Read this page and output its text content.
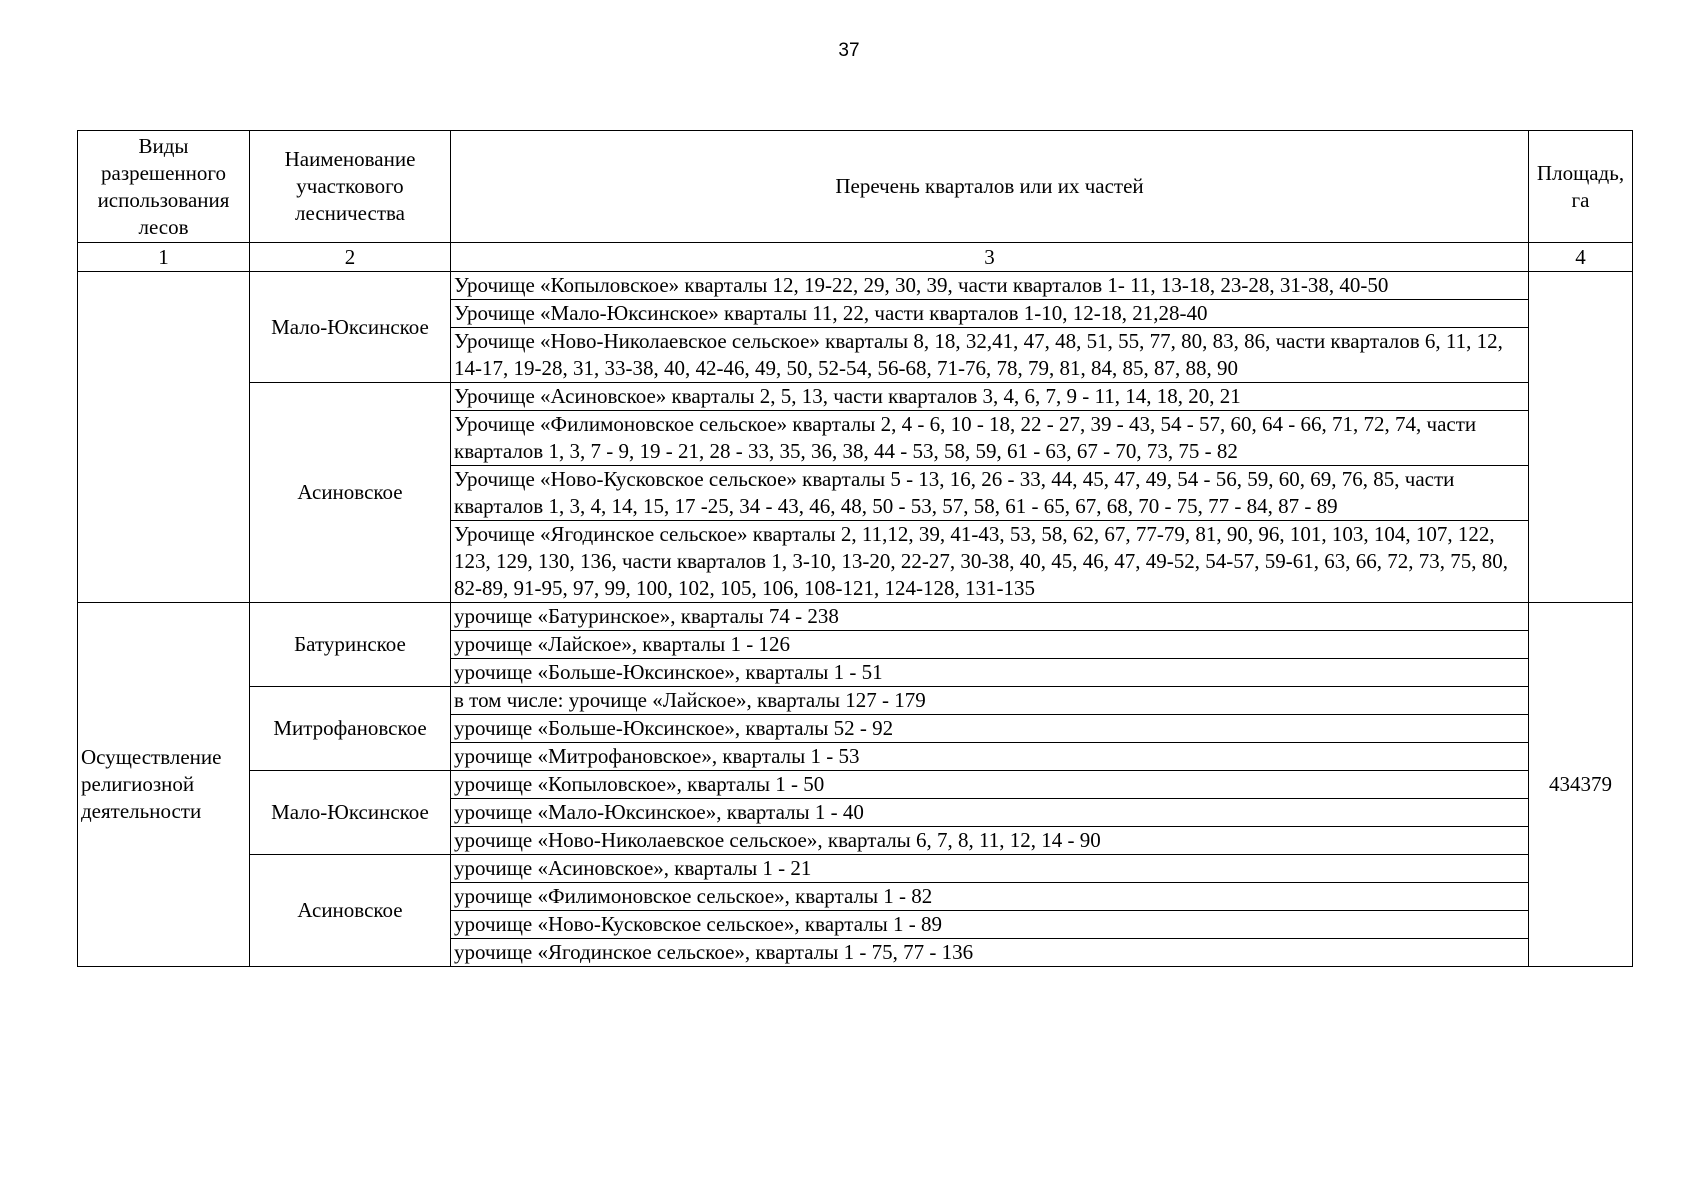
37
Виды разрешенного использования лесов	Наименование участкового лесничества	Перечень кварталов или их частей	Площадь, га
1	2	3	4
	Мало-Юксинское	Урочище «Копыловское» кварталы 12, 19-22, 29, 30, 39, части кварталов 1- 11, 13-18, 23-28, 31-38, 40-50	
		Урочище «Мало-Юксинское» кварталы 11, 22, части кварталов 1-10, 12-18, 21,28-40	
		Урочище «Ново-Николаевское сельское» кварталы 8, 18, 32,41, 47, 48, 51, 55, 77, 80, 83, 86, части кварталов 6, 11, 12, 14-17, 19-28, 31, 33-38, 40, 42-46, 49, 50, 52-54, 56-68, 71-76, 78, 79, 81, 84, 85, 87, 88, 90	
	Асиновское	Урочище «Асиновское» кварталы 2, 5, 13, части кварталов 3, 4, 6, 7, 9 - 11, 14, 18, 20, 21	
		Урочище «Филимоновское сельское» кварталы 2, 4 - 6, 10 - 18, 22 - 27, 39 - 43, 54 - 57, 60, 64 - 66, 71, 72, 74, части кварталов 1, 3, 7 - 9, 19 - 21, 28 - 33, 35, 36, 38, 44 - 53, 58, 59, 61 - 63, 67 - 70, 73, 75 - 82	
		Урочище «Ново-Кусковское сельское» кварталы 5 - 13, 16, 26 - 33, 44, 45, 47, 49, 54 - 56, 59, 60, 69, 76, 85, части кварталов 1, 3, 4, 14, 15, 17 -25, 34 - 43, 46, 48, 50 - 53, 57, 58, 61 - 65, 67, 68, 70 - 75, 77 - 84, 87 - 89	
		Урочище «Ягодинское сельское» кварталы 2, 11,12, 39, 41-43, 53, 58, 62, 67, 77-79, 81, 90, 96, 101, 103, 104, 107, 122, 123, 129, 130, 136, части кварталов 1, 3-10, 13-20, 22-27, 30-38, 40, 45, 46, 47, 49-52, 54-57, 59-61, 63, 66, 72, 73, 75, 80, 82-89, 91-95, 97, 99, 100, 102, 105, 106, 108-121, 124-128, 131-135	
Осуществление религиозной деятельности	Батуринское	урочище «Батуринское», кварталы 74 - 238	434379
		урочище «Лайское», кварталы 1 - 126	
		урочище «Больше-Юксинское», кварталы 1 - 51	
	Митрофановское	в том числе: урочище «Лайское», кварталы 127 - 179	
		урочище «Больше-Юксинское», кварталы 52 - 92	
		урочище «Митрофановское», кварталы 1 - 53	
	Мало-Юксинское	урочище «Копыловское», кварталы 1 - 50	
		урочище «Мало-Юксинское», кварталы 1 - 40	
		урочище «Ново-Николаевское сельское», кварталы 6, 7, 8, 11, 12, 14 - 90	
	Асиновское	урочище «Асиновское», кварталы 1 - 21	
		урочище «Филимоновское сельское», кварталы 1 - 82	
		урочище «Ново-Кусковское сельское», кварталы 1 - 89	
		урочище «Ягодинское сельское», кварталы 1 - 75, 77 - 136	
